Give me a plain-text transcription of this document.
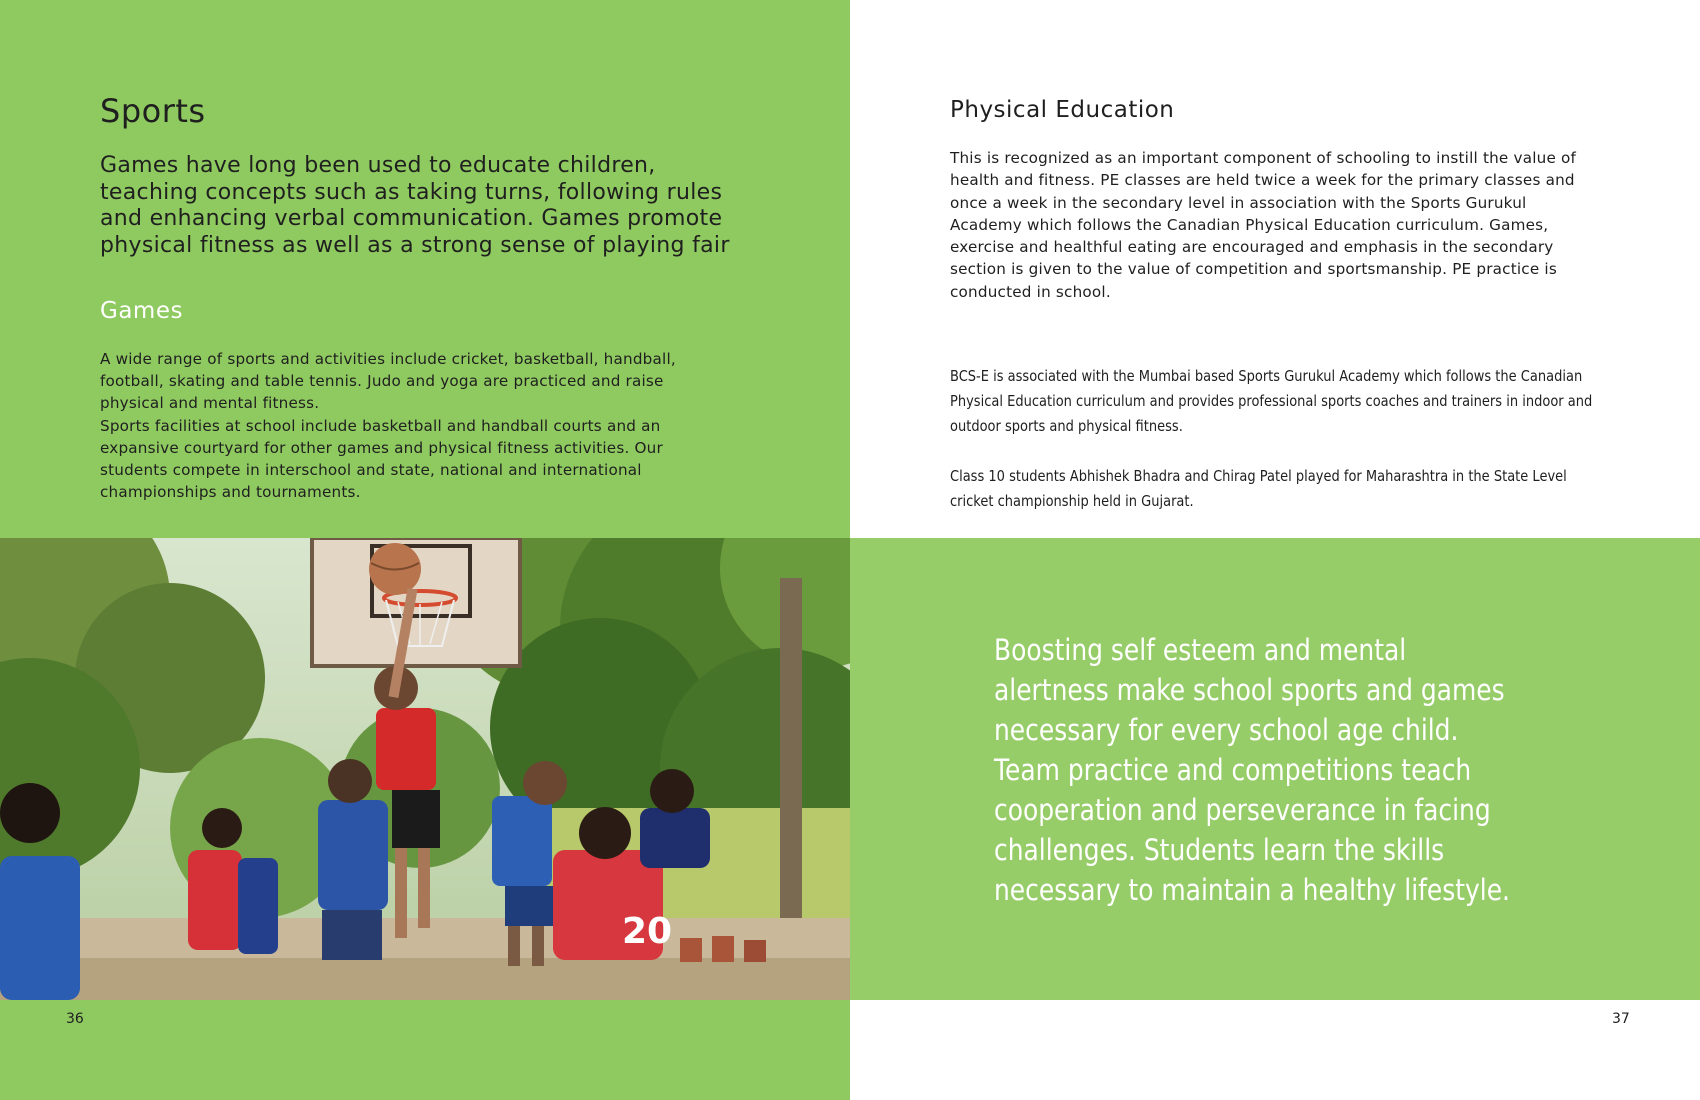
Sports

Games have long been used to educate children, teaching concepts such as taking turns, following rules and enhancing verbal communication. Games promote physical fitness as well as a strong sense of playing fair

Games

A wide range of sports and activities include cricket, basketball, handball, football, skating and table tennis. Judo and yoga are practiced and raise physical and mental fitness.

Sports facilities at school include basketball and handball courts and an expansive courtyard for other games and physical fitness activities. Our students compete in interschool and state, national and international championships and tournaments.

20
Physical Education

This is recognized as an important component of schooling to instill the value of health and fitness. PE classes are held twice a week for the primary classes and once a week in the secondary level in association with the Sports Gurukul Academy which follows the Canadian Physical Education curriculum. Games, exercise and healthful eating are encouraged and emphasis in the secondary section is given to the value of competition and sportsmanship. PE practice is conducted in school.

BCS-E is associated with the Mumbai based Sports Gurukul Academy which follows the Canadian Physical Education curriculum and provides professional sports coaches and trainers in indoor and outdoor sports and physical fitness.

Class 10 students Abhishek Bhadra and Chirag Patel played for Maharashtra in the State Level cricket championship held in Gujarat.

Boosting self esteem and mental alertness make school sports and games necessary for every school age child. Team practice and competitions teach cooperation and perseverance in facing challenges. Students learn the skills necessary to maintain a healthy lifestyle.

36	37
